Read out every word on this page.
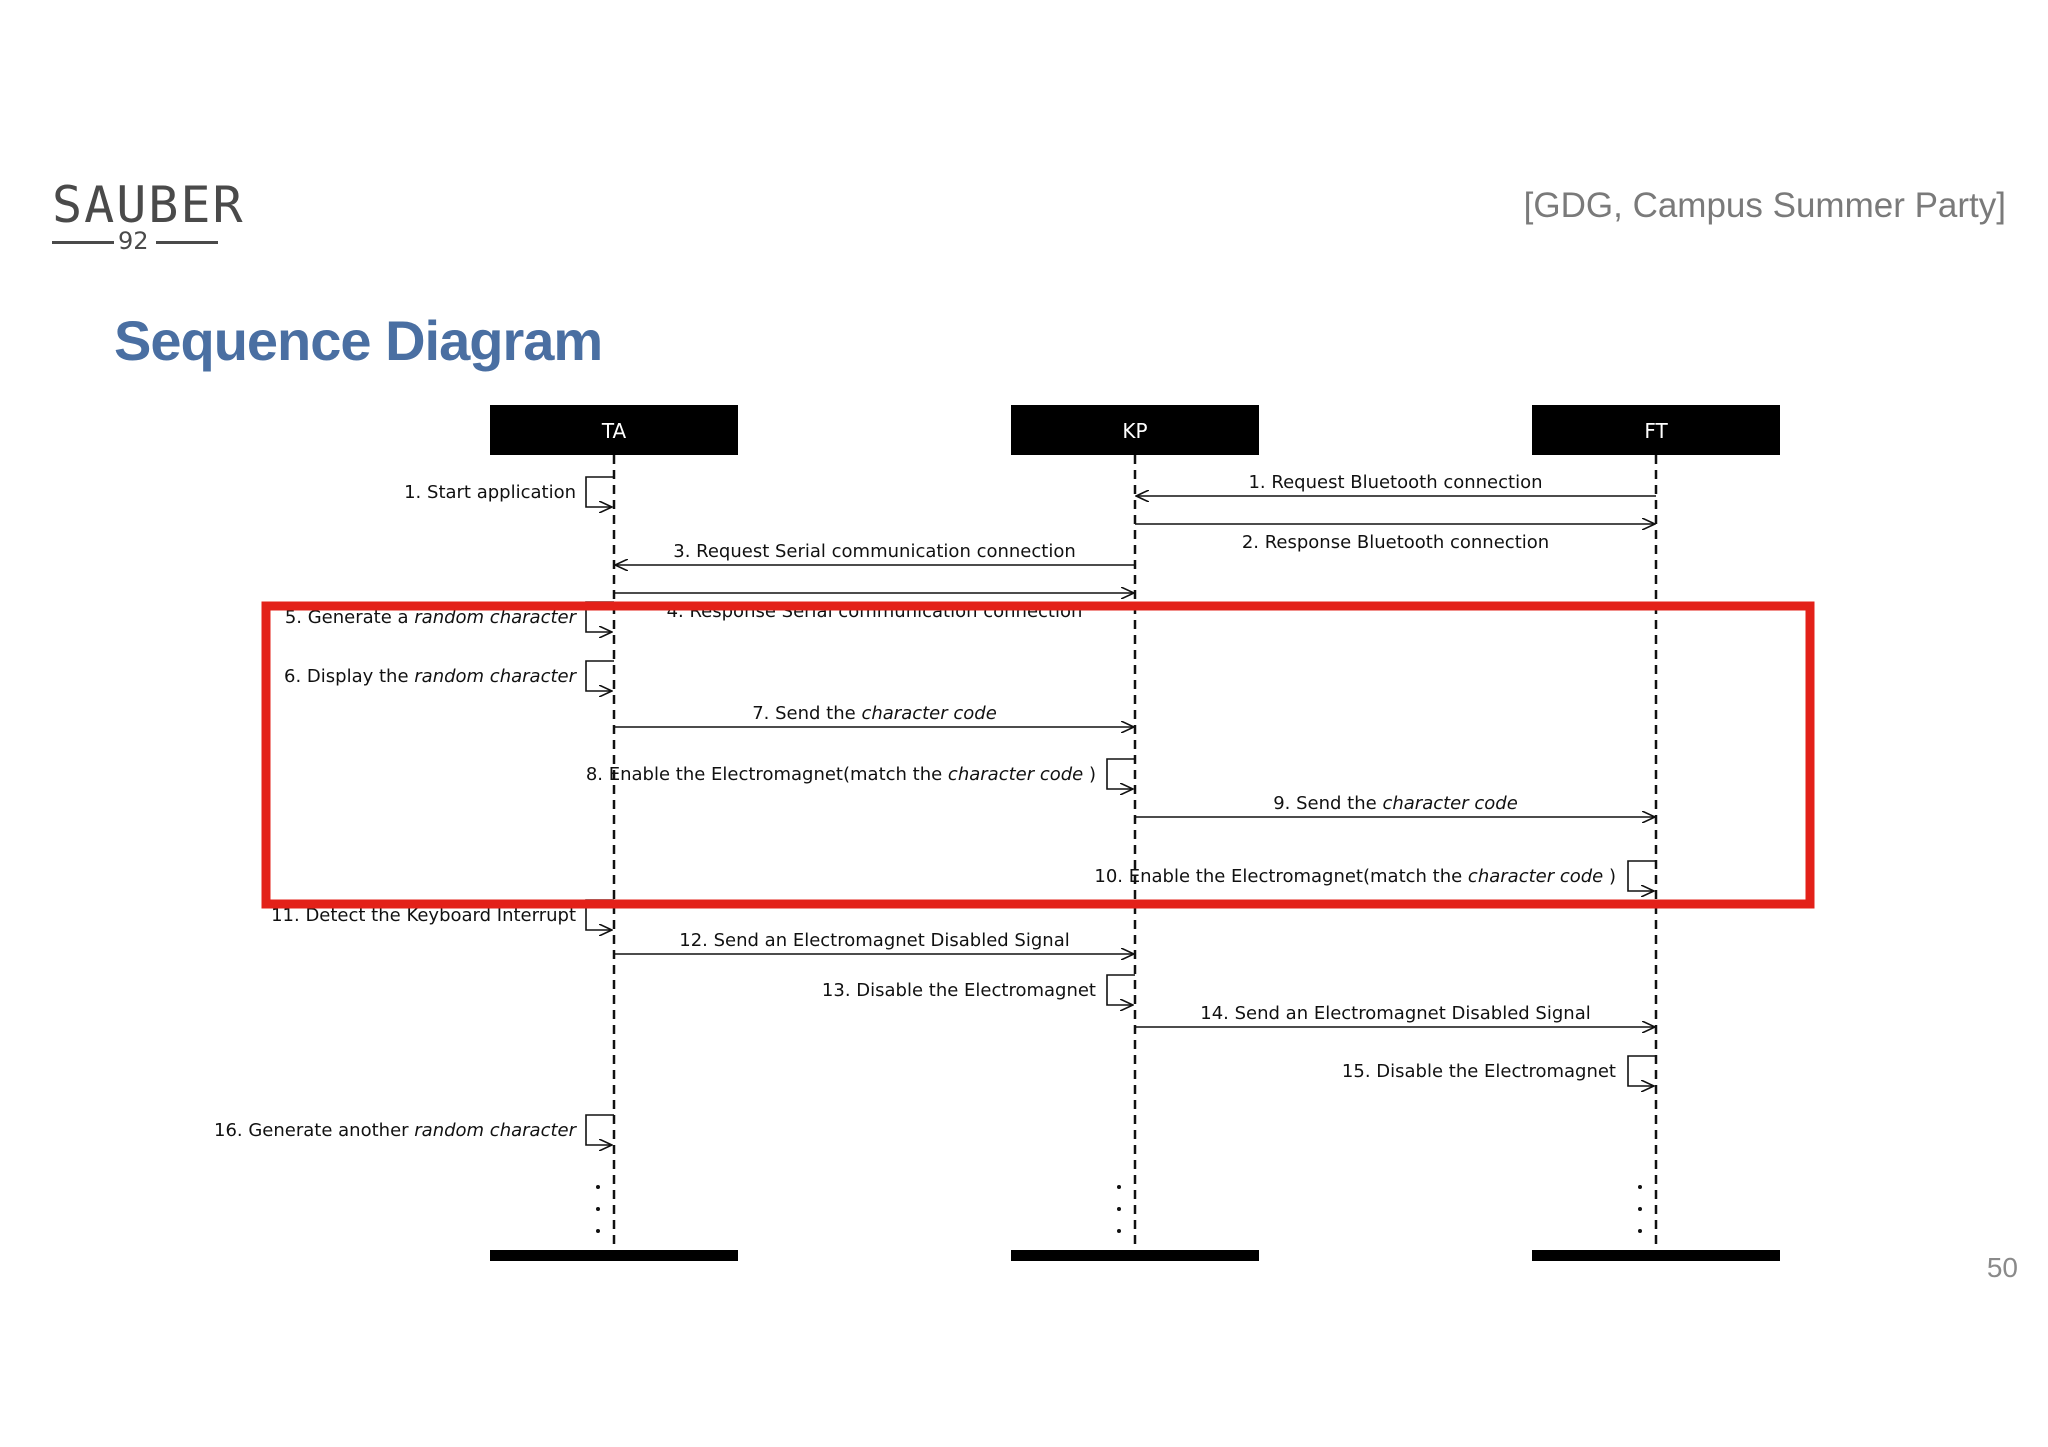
SAUBER
92
[GDG, Campus Summer Party]
Sequence Diagram
50
TA	KP	FT
1. Start application	1. Request Bluetooth connection
2. Response Bluetooth connection
3. Request Serial communication connection
4. Response Serial communication connection
5. Generate a random character
6. Display the random character
7. Send the character code
8. Enable the Electromagnet(match the character code )
9. Send the character code
10. Enable the Electromagnet(match the character code )
11. Detect the Keyboard Interrupt
12. Send an Electromagnet Disabled Signal
13. Disable the Electromagnet
14. Send an Electromagnet Disabled Signal
15. Disable the Electromagnet
16. Generate another random character
